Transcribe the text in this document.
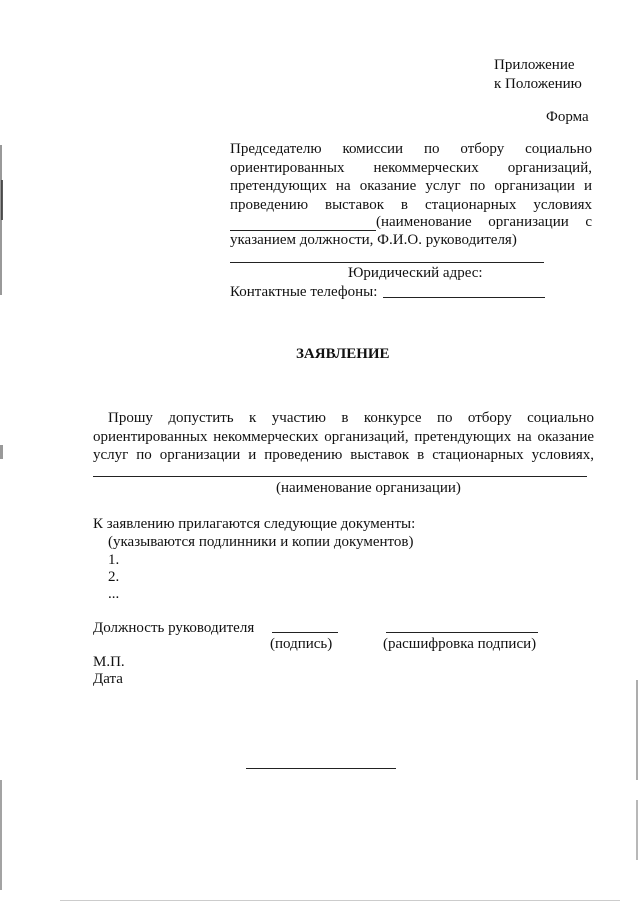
Приложение
к Положению
Форма
Председателю комиссии по отбору социально
ориентированных некоммерческих организаций,
претендующих на оказание услуг по организации и
проведению выставок в стационарных условиях
(наименование организации с
указанием должности, Ф.И.О. руководителя)
Юридический адрес:
Контактные телефоны:
ЗАЯВЛЕНИЕ
Прошу допустить к участию в конкурсе по отбору социально
ориентированных некоммерческих организаций, претендующих на оказание
услуг по организации и проведению выставок в стационарных условиях,
(наименование организации)
К заявлению прилагаются следующие документы:
(указываются подлинники и копии документов)
1.
2.
...
Должность руководителя
(подпись)	(расшифровка подписи)
М.П.
Дата
